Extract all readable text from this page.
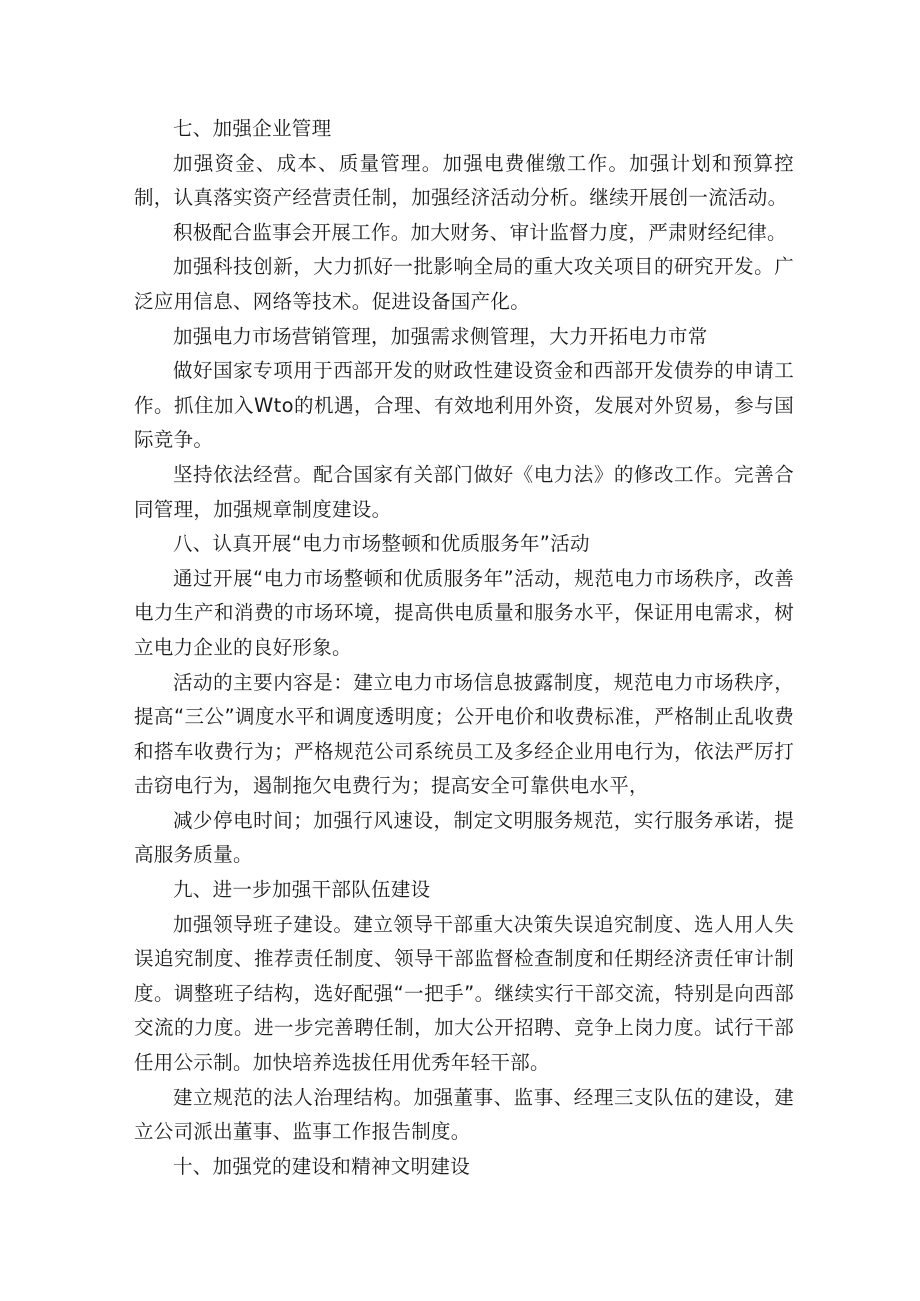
七、加强企业管理

加强资金、成本、质量管理。加强电费催缴工作。加强计划和预算控制，认真落实资产经营责任制，加强经济活动分析。继续开展创一流活动。

积极配合监事会开展工作。加大财务、审计监督力度，严肃财经纪律。

加强科技创新，大力抓好一批影响全局的重大攻关项目的研究开发。广泛应用信息、网络等技术。促进设备国产化。

加强电力市场营销管理，加强需求侧管理，大力开拓电力市常

做好国家专项用于西部开发的财政性建设资金和西部开发债券的申请工作。抓住加入Wto的机遇，合理、有效地利用外资，发展对外贸易，参与国际竞争。

坚持依法经营。配合国家有关部门做好《电力法》的修改工作。完善合同管理，加强规章制度建设。

八、认真开展“电力市场整顿和优质服务年”活动

通过开展“电力市场整顿和优质服务年”活动，规范电力市场秩序，改善电力生产和消费的市场环境，提高供电质量和服务水平，保证用电需求，树立电力企业的良好形象。

活动的主要内容是：建立电力市场信息披露制度，规范电力市场秩序，提高“三公”调度水平和调度透明度；公开电价和收费标准，严格制止乱收费和搭车收费行为；严格规范公司系统员工及多经企业用电行为，依法严厉打击窃电行为，遏制拖欠电费行为；提高安全可靠供电水平，

减少停电时间；加强行风速设，制定文明服务规范，实行服务承诺，提高服务质量。

九、进一步加强干部队伍建设

加强领导班子建设。建立领导干部重大决策失误追究制度、选人用人失误追究制度、推荐责任制度、领导干部监督检查制度和任期经济责任审计制度。调整班子结构，选好配强“一把手”。继续实行干部交流，特别是向西部交流的力度。进一步完善聘任制，加大公开招聘、竞争上岗力度。试行干部任用公示制。加快培养选拔任用优秀年轻干部。

建立规范的法人治理结构。加强董事、监事、经理三支队伍的建设，建立公司派出董事、监事工作报告制度。

十、加强党的建设和精神文明建设
